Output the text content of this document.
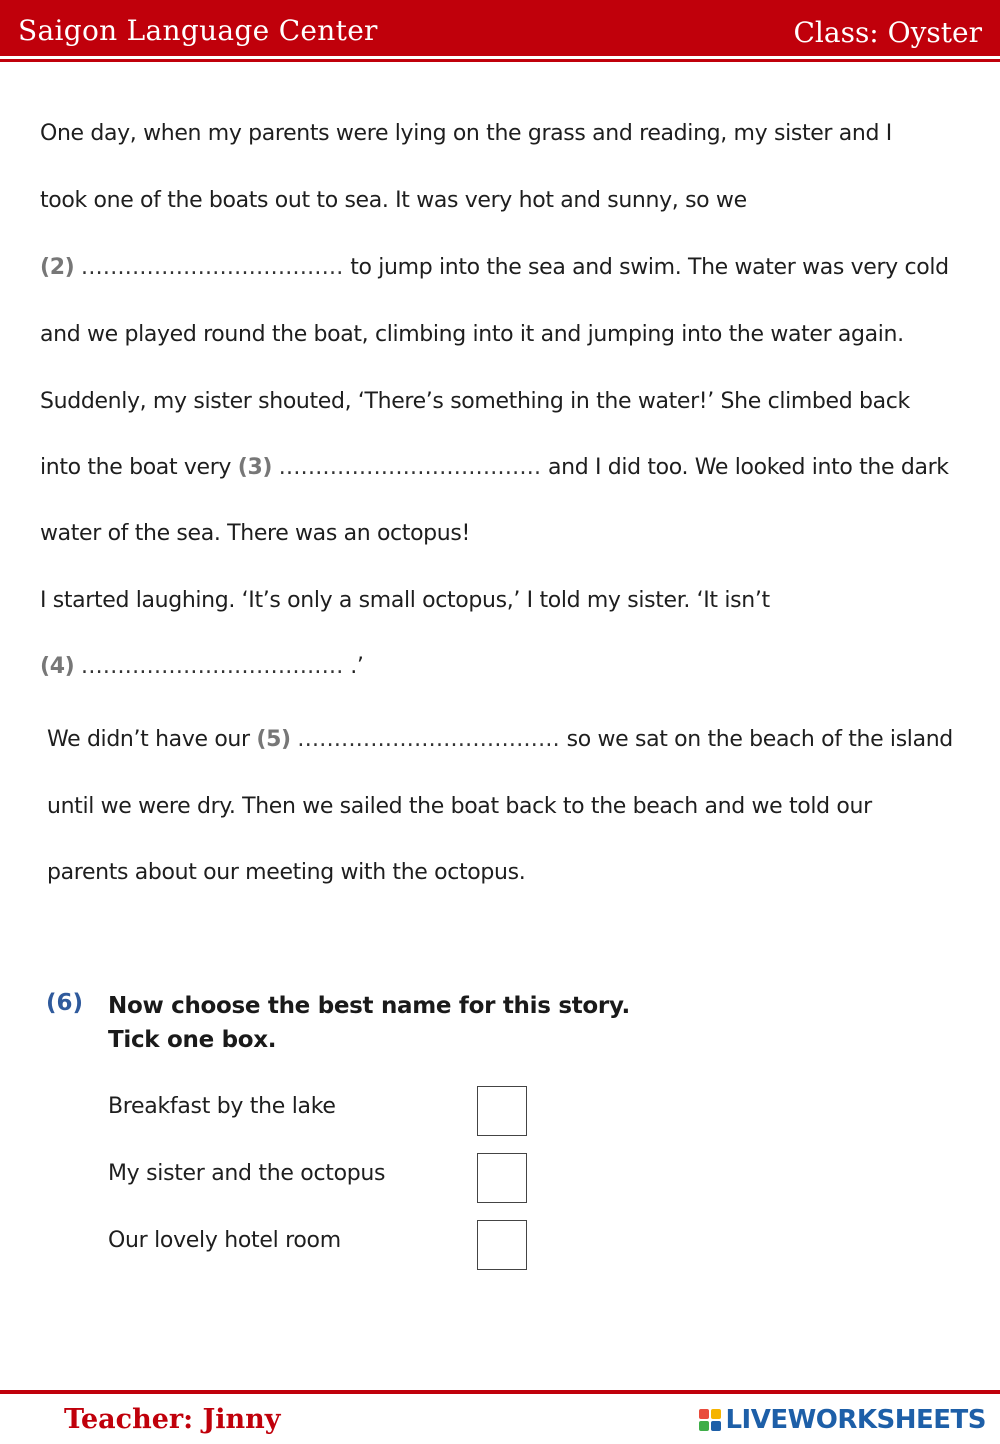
Saigon Language Center	Class: Oyster
One day, when my parents were lying on the grass and reading, my sister and I
took one of the boats out to sea. It was very hot and sunny, so we
(2) .................................... to jump into the sea and swim. The water was very cold
and we played round the boat, climbing into it and jumping into the water again.
Suddenly, my sister shouted, ‘There’s something in the water!’ She climbed back
into the boat very (3) .................................... and I did too. We looked into the dark
water of the sea. There was an octopus!
I started laughing. ‘It’s only a small octopus,’ I told my sister. ‘It isn’t
(4) .................................... .’
We didn’t have our (5) .................................... so we sat on the beach of the island
until we were dry. Then we sailed the boat back to the beach and we told our
parents about our meeting with the octopus.
(6) Now choose the best name for this story.
Tick one box.
Breakfast by the lake
My sister and the octopus
Our lovely hotel room
Teacher: Jinny	LIVEWORKSHEETS
